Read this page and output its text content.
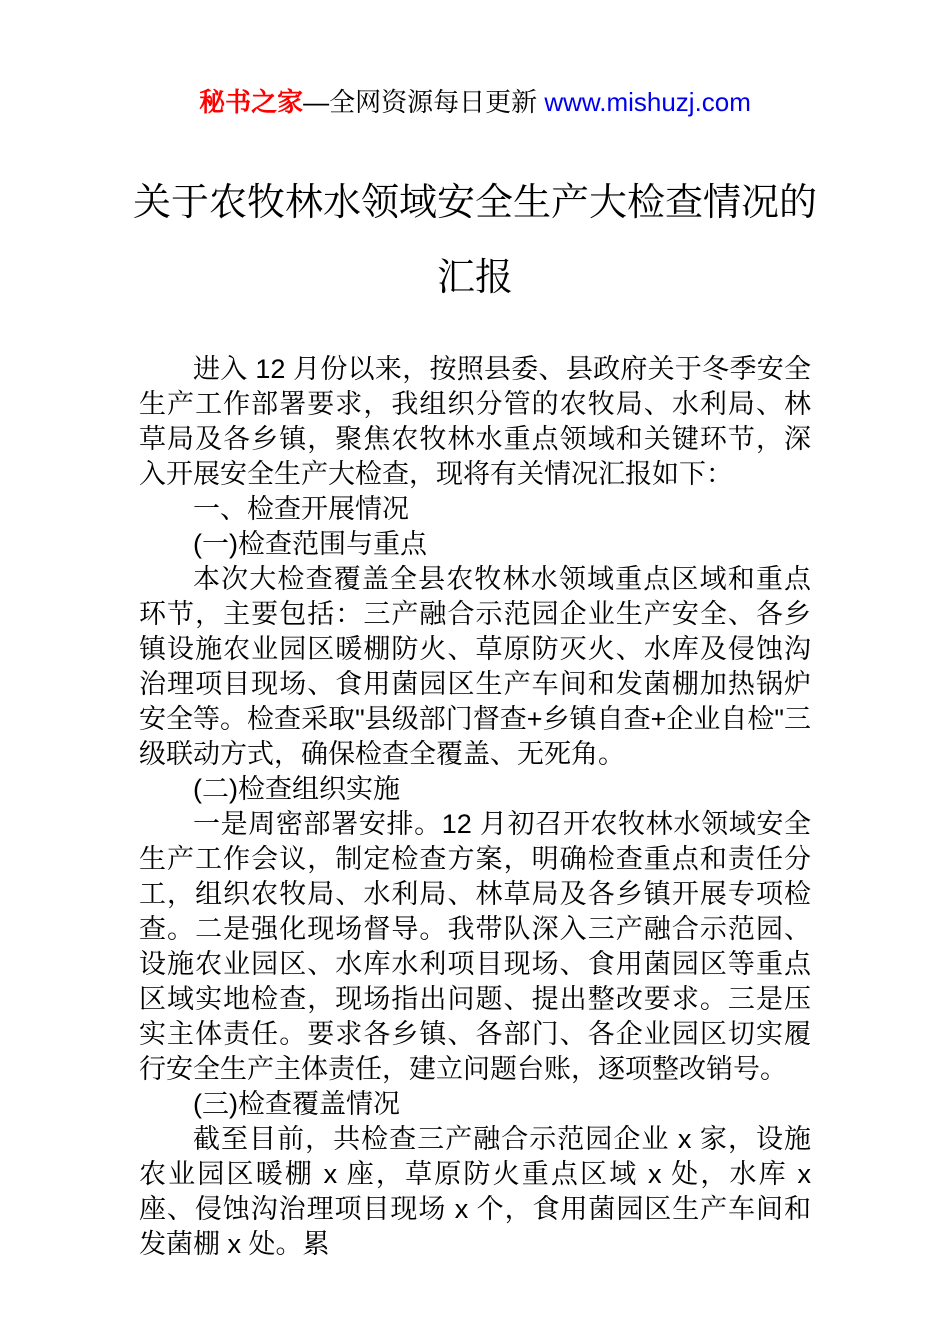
秘书之家—全网资源每日更新 www.mishuzj.com
关于农牧林水领域安全生产大检查情况的汇报

进入 12 月份以来，按照县委、县政府关于冬季安全生产工作部署要求，我组织分管的农牧局、水利局、林草局及各乡镇，聚焦农牧林水重点领域和关键环节，深入开展安全生产大检查，现将有关情况汇报如下：

一、检查开展情况

(一)检查范围与重点

本次大检查覆盖全县农牧林水领域重点区域和重点环节，主要包括：三产融合示范园企业生产安全、各乡镇设施农业园区暖棚防火、草原防灭火、水库及侵蚀沟治理项目现场、食用菌园区生产车间和发菌棚加热锅炉安全等。检查采取"县级部门督查+乡镇自查+企业自检"三级联动方式，确保检查全覆盖、无死角。

(二)检查组织实施

一是周密部署安排。12 月初召开农牧林水领域安全生产工作会议，制定检查方案，明确检查重点和责任分工，组织农牧局、水利局、林草局及各乡镇开展专项检查。二是强化现场督导。我带队深入三产融合示范园、设施农业园区、水库水利项目现场、食用菌园区等重点区域实地检查，现场指出问题、提出整改要求。三是压实主体责任。要求各乡镇、各部门、各企业园区切实履行安全生产主体责任，建立问题台账，逐项整改销号。

(三)检查覆盖情况

截至目前，共检查三产融合示范园企业 x 家，设施农业园区暖棚 x 座，草原防火重点区域 x 处，水库 x 座、侵蚀沟治理项目现场 x 个，食用菌园区生产车间和发菌棚 x 处。累
